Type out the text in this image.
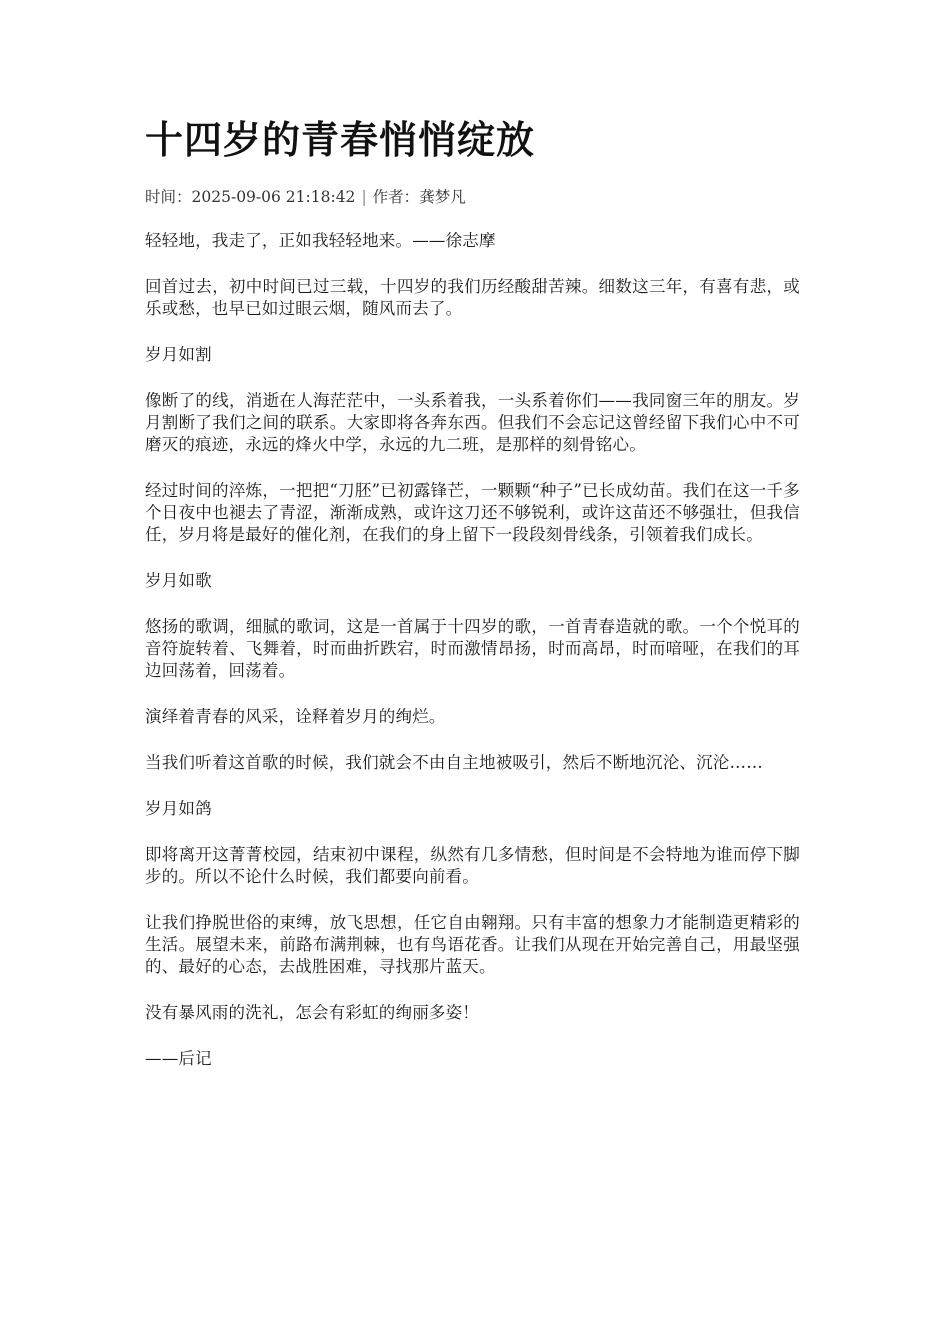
十四岁的青春悄悄绽放
时间：2025-09-06 21:18:42 | 作者：龚梦凡

轻轻地，我走了，正如我轻轻地来。——徐志摩

回首过去，初中时间已过三载，十四岁的我们历经酸甜苦辣。细数这三年，有喜有悲，或乐或愁，也早已如过眼云烟，随风而去了。

岁月如割

像断了的线，消逝在人海茫茫中，一头系着我，一头系着你们——我同窗三年的朋友。岁月割断了我们之间的联系。大家即将各奔东西。但我们不会忘记这曾经留下我们心中不可磨灭的痕迹，永远的烽火中学，永远的九二班，是那样的刻骨铭心。

经过时间的淬炼，一把把“刀胚”已初露锋芒，一颗颗“种子”已长成幼苗。我们在这一千多个日夜中也褪去了青涩，渐渐成熟，或许这刀还不够锐利，或许这苗还不够强壮，但我信任，岁月将是最好的催化剂，在我们的身上留下一段段刻骨线条，引领着我们成长。

岁月如歌

悠扬的歌调，细腻的歌词，这是一首属于十四岁的歌，一首青春造就的歌。一个个悦耳的音符旋转着、飞舞着，时而曲折跌宕，时而激情昂扬，时而高昂，时而喑哑，在我们的耳边回荡着，回荡着。

演绎着青春的风采，诠释着岁月的绚烂。

当我们听着这首歌的时候，我们就会不由自主地被吸引，然后不断地沉沦、沉沦……

岁月如鸽

即将离开这菁菁校园，结束初中课程，纵然有几多情愁，但时间是不会特地为谁而停下脚步的。所以不论什么时候，我们都要向前看。

让我们挣脱世俗的束缚，放飞思想，任它自由翱翔。只有丰富的想象力才能制造更精彩的生活。展望未来，前路布满荆棘，也有鸟语花香。让我们从现在开始完善自己，用最坚强的、最好的心态，去战胜困难，寻找那片蓝天。

没有暴风雨的洗礼，怎会有彩虹的绚丽多姿！

——后记
